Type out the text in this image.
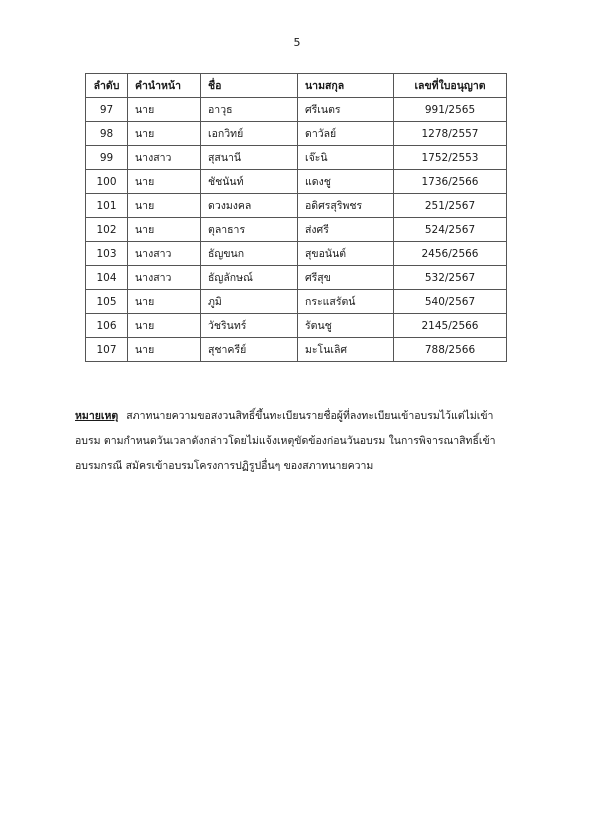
5
ลำดับ	คำนำหน้า	ชื่อ	นามสกุล	เลขที่ใบอนุญาต
97	นาย	อาวุธ	ศรีเนตร	991/2565
98	นาย	เอกวิทย์	ดาวัลย์	1278/2557
99	นางสาว	สุสนานี	เจ๊ะนิ	1752/2553
100	นาย	ชัชนันท์	แดงชู	1736/2566
101	นาย	ดวงมงคล	อดิศรสุริพชร	251/2567
102	นาย	ตุลาธาร	ส่งศรี	524/2567
103	นางสาว	ธัญขนก	สุขอนันต์	2456/2566
104	นางสาว	ธัญลักษณ์	ศรีสุข	532/2567
105	นาย	ภูมิ	กระแสรัตน์	540/2567
106	นาย	วัชรินทร์	รัตนชู	2145/2566
107	นาย	สุชาครีย์	มะโนเลิศ	788/2566
หมายเหตุ สภาทนายความขอสงวนสิทธิ์ขึ้นทะเบียนรายชื่อผู้ที่ลงทะเบียนเข้าอบรมไว้แต่ไม่เข้า
อบรม ตามกำหนดวันเวลาดังกล่าวโดยไม่แจ้งเหตุขัดข้องก่อนวันอบรม ในการพิจารณาสิทธิ์เข้า
อบรมกรณี สมัครเข้าอบรมโครงการปฏิรูปอื่นๆ ของสภาทนายความ
